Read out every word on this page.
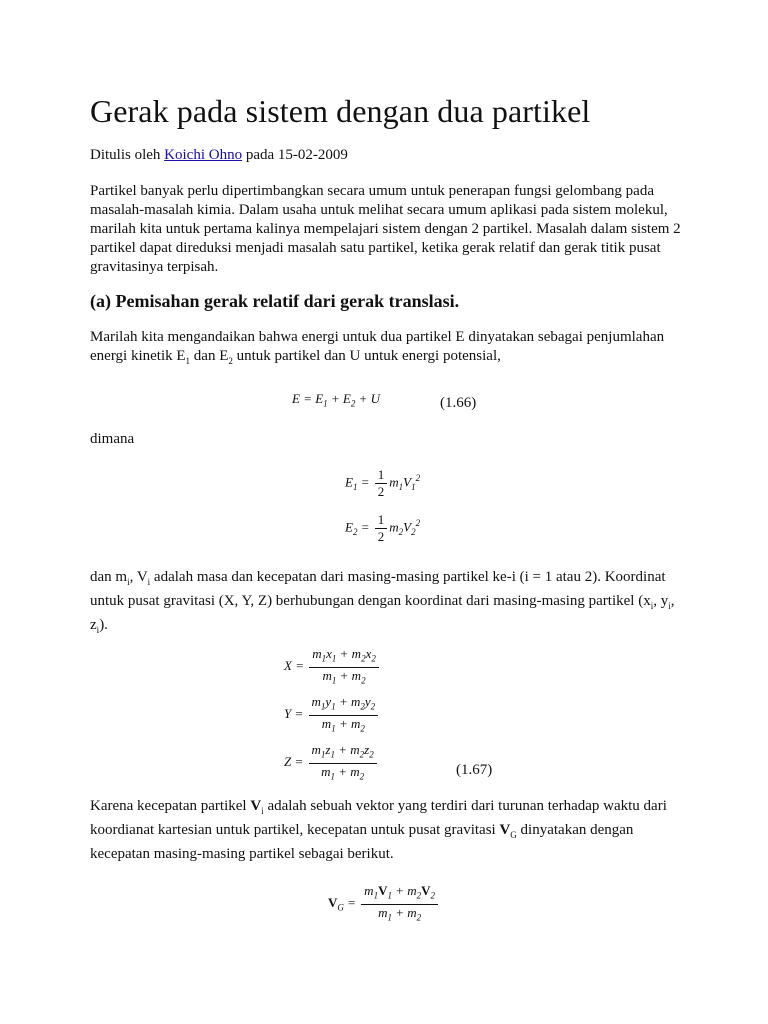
Gerak pada sistem dengan dua partikel
Ditulis oleh Koichi Ohno pada 15-02-2009

Partikel banyak perlu dipertimbangkan secara umum untuk penerapan fungsi gelombang pada masalah-masalah kimia. Dalam usaha untuk melihat secara umum aplikasi pada sistem molekul, marilah kita untuk pertama kalinya mempelajari sistem dengan 2 partikel. Masalah dalam sistem 2 partikel dapat direduksi menjadi masalah satu partikel, ketika gerak relatif dan gerak titik pusat gravitasinya terpisah.

(a) Pemisahan gerak relatif dari gerak translasi.

Marilah kita mengandaikan bahwa energi untuk dua partikel E dinyatakan sebagai penjumlahan
energi kinetik $E_1$ dan $E_2$ untuk partikel dan U untuk energi potensial,

$E = E_1 + E_2 + U$	(1.66)

dimana

$E_1 = \frac{1}{2} m_1V_1^2$
$E_2 = \frac{1}{2} m_2V_2^2$

dan $m_i$, $V_i$ adalah masa dan kecepatan dari masing-masing partikel ke-i (i = 1 atau 2). Koordinat untuk pusat gravitasi (X, Y, Z) berhubungan dengan koordinat dari masing-masing partikel ($x_i$, $y_i$, $z_i$).

$X = \frac{m_1x_1 + m_2x_2}{m_1 + m_2}$
$Y = \frac{m_1y_1 + m_2y_2}{m_1 + m_2}$
$Z = \frac{m_1z_1 + m_2z_2}{m_1 + m_2}$	(1.67)

Karena kecepatan partikel $V_i$ adalah sebuah vektor yang terdiri dari turunan terhadap waktu dari koordianat kartesian untuk partikel, kecepatan untuk pusat gravitasi $V_G$ dinyatakan dengan kecepatan masing-masing partikel sebagai berikut.

$V_G = \frac{m_1V_1 + m_2V_2}{m_1 + m_2}$
